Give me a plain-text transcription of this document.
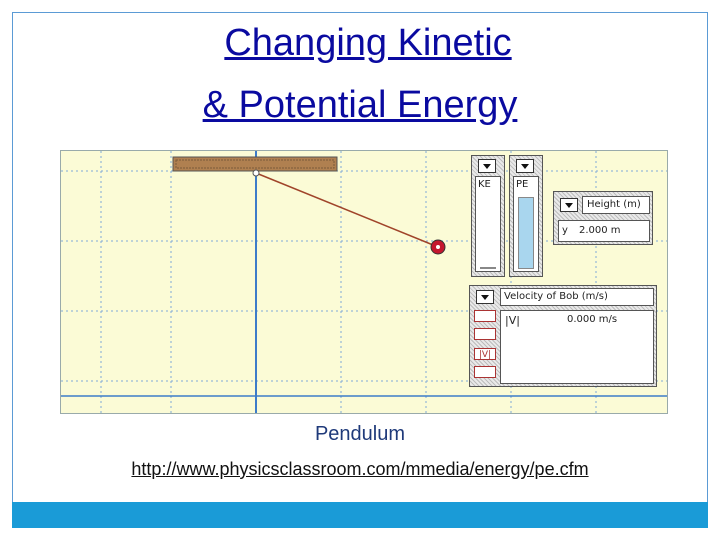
Changing Kinetic
& Potential Energy
KE	PE
Height (m)
y 2.000 m
Velocity of Bob (m/s)
|V|
|V|	0.000 m/s
Pendulum
http://www.physicsclassroom.com/mmedia/energy/pe.cfm
